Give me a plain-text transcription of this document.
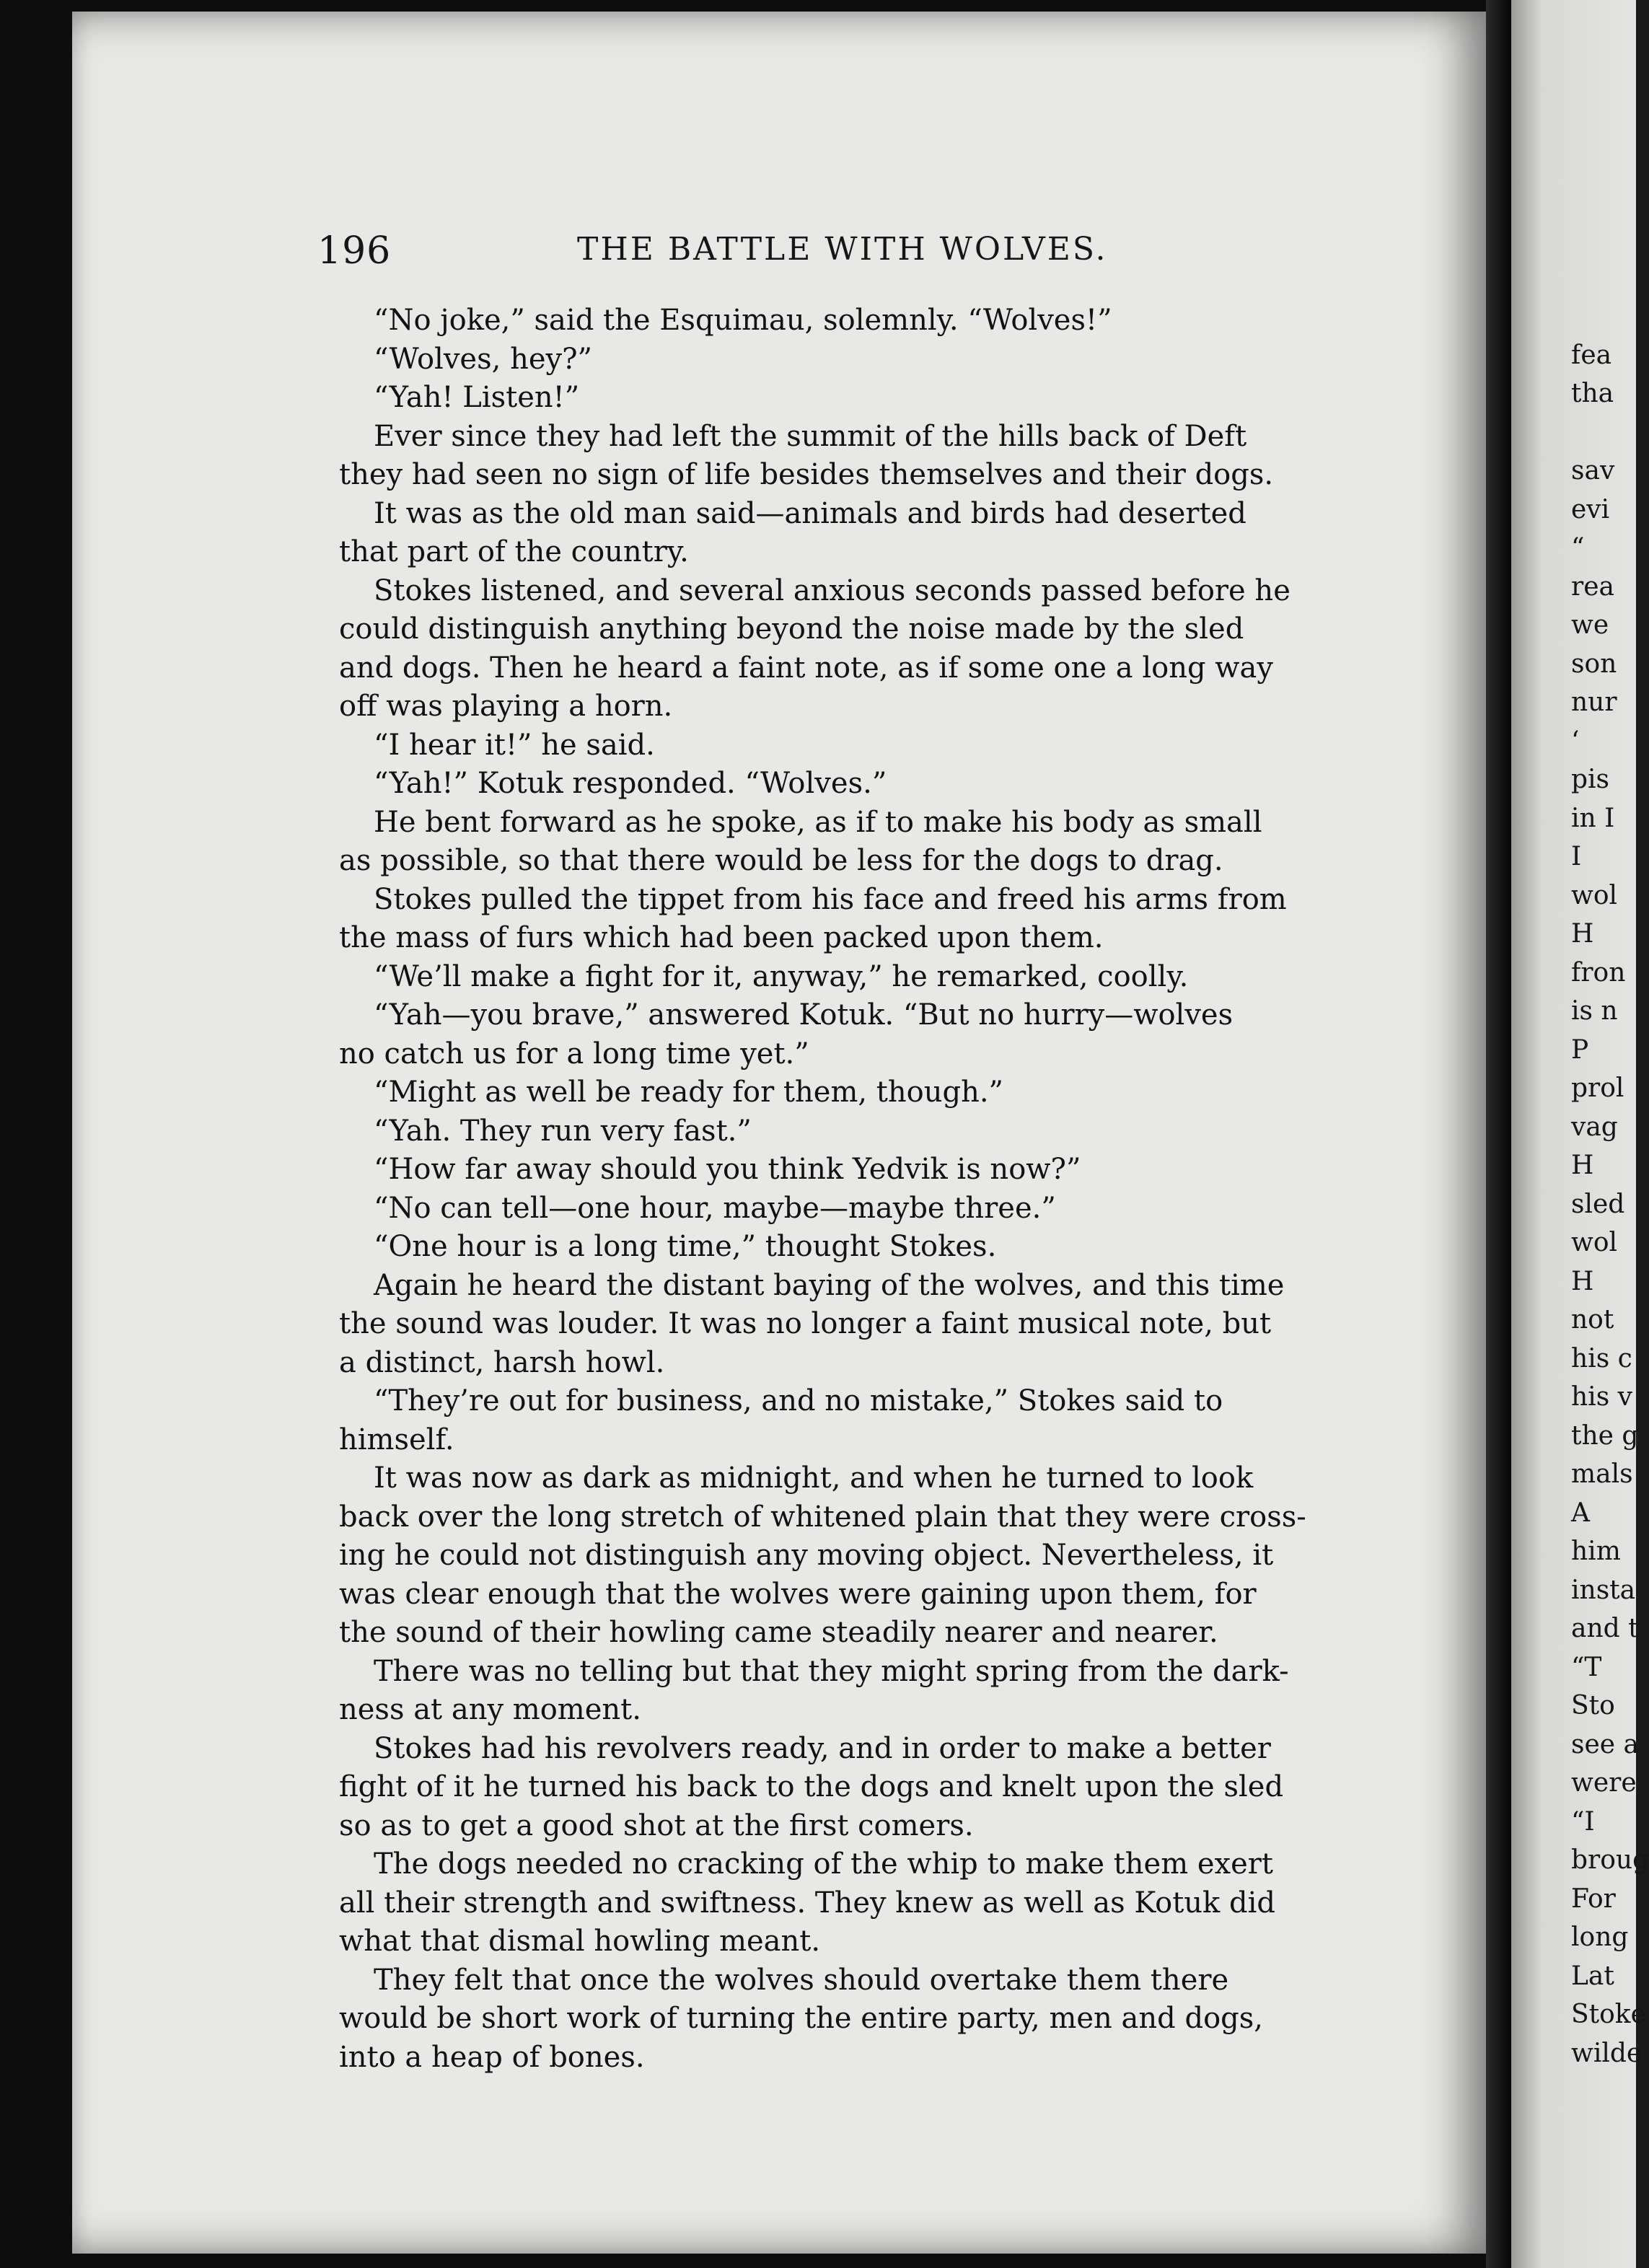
196	THE BATTLE WITH WOLVES.
“No joke,” said the Esquimau, solemnly. “Wolves!”
“Wolves, hey?”
“Yah! Listen!”
Ever since they had left the summit of the hills back of Deft
they had seen no sign of life besides themselves and their dogs.
It was as the old man said—animals and birds had deserted
that part of the country.
Stokes listened, and several anxious seconds passed before he
could distinguish anything beyond the noise made by the sled
and dogs. Then he heard a faint note, as if some one a long way
off was playing a horn.
“I hear it!” he said.
“Yah!” Kotuk responded. “Wolves.”
He bent forward as he spoke, as if to make his body as small
as possible, so that there would be less for the dogs to drag.
Stokes pulled the tippet from his face and freed his arms from
the mass of furs which had been packed upon them.
“We’ll make a fight for it, anyway,” he remarked, coolly.
“Yah—you brave,” answered Kotuk. “But no hurry—wolves
no catch us for a long time yet.”
“Might as well be ready for them, though.”
“Yah. They run very fast.”
“How far away should you think Yedvik is now?”
“No can tell—one hour, maybe—maybe three.”
“One hour is a long time,” thought Stokes.
Again he heard the distant baying of the wolves, and this time
the sound was louder. It was no longer a faint musical note, but
a distinct, harsh howl.
“They’re out for business, and no mistake,” Stokes said to
himself.
It was now as dark as midnight, and when he turned to look
back over the long stretch of whitened plain that they were cross-
ing he could not distinguish any moving object. Nevertheless, it
was clear enough that the wolves were gaining upon them, for
the sound of their howling came steadily nearer and nearer.
There was no telling but that they might spring from the dark-
ness at any moment.
Stokes had his revolvers ready, and in order to make a better
fight of it he turned his back to the dogs and knelt upon the sled
so as to get a good shot at the first comers.
The dogs needed no cracking of the whip to make them exert
all their strength and swiftness. They knew as well as Kotuk did
what that dismal howling meant.
They felt that once the wolves should overtake them there
would be short work of turning the entire party, men and dogs,
into a heap of bones.
fea
tha
sav
evi
“
rea
we
son
nur
‘
pis
in I
I
wol
H
fron
is n
P
prol
vag
H
sled
wol
H
not
his c
his v
the g
mals
A
him
insta
and t
“T
Sto
see a
were
“I
broug
For
long
Lat
Stoke
wilde
